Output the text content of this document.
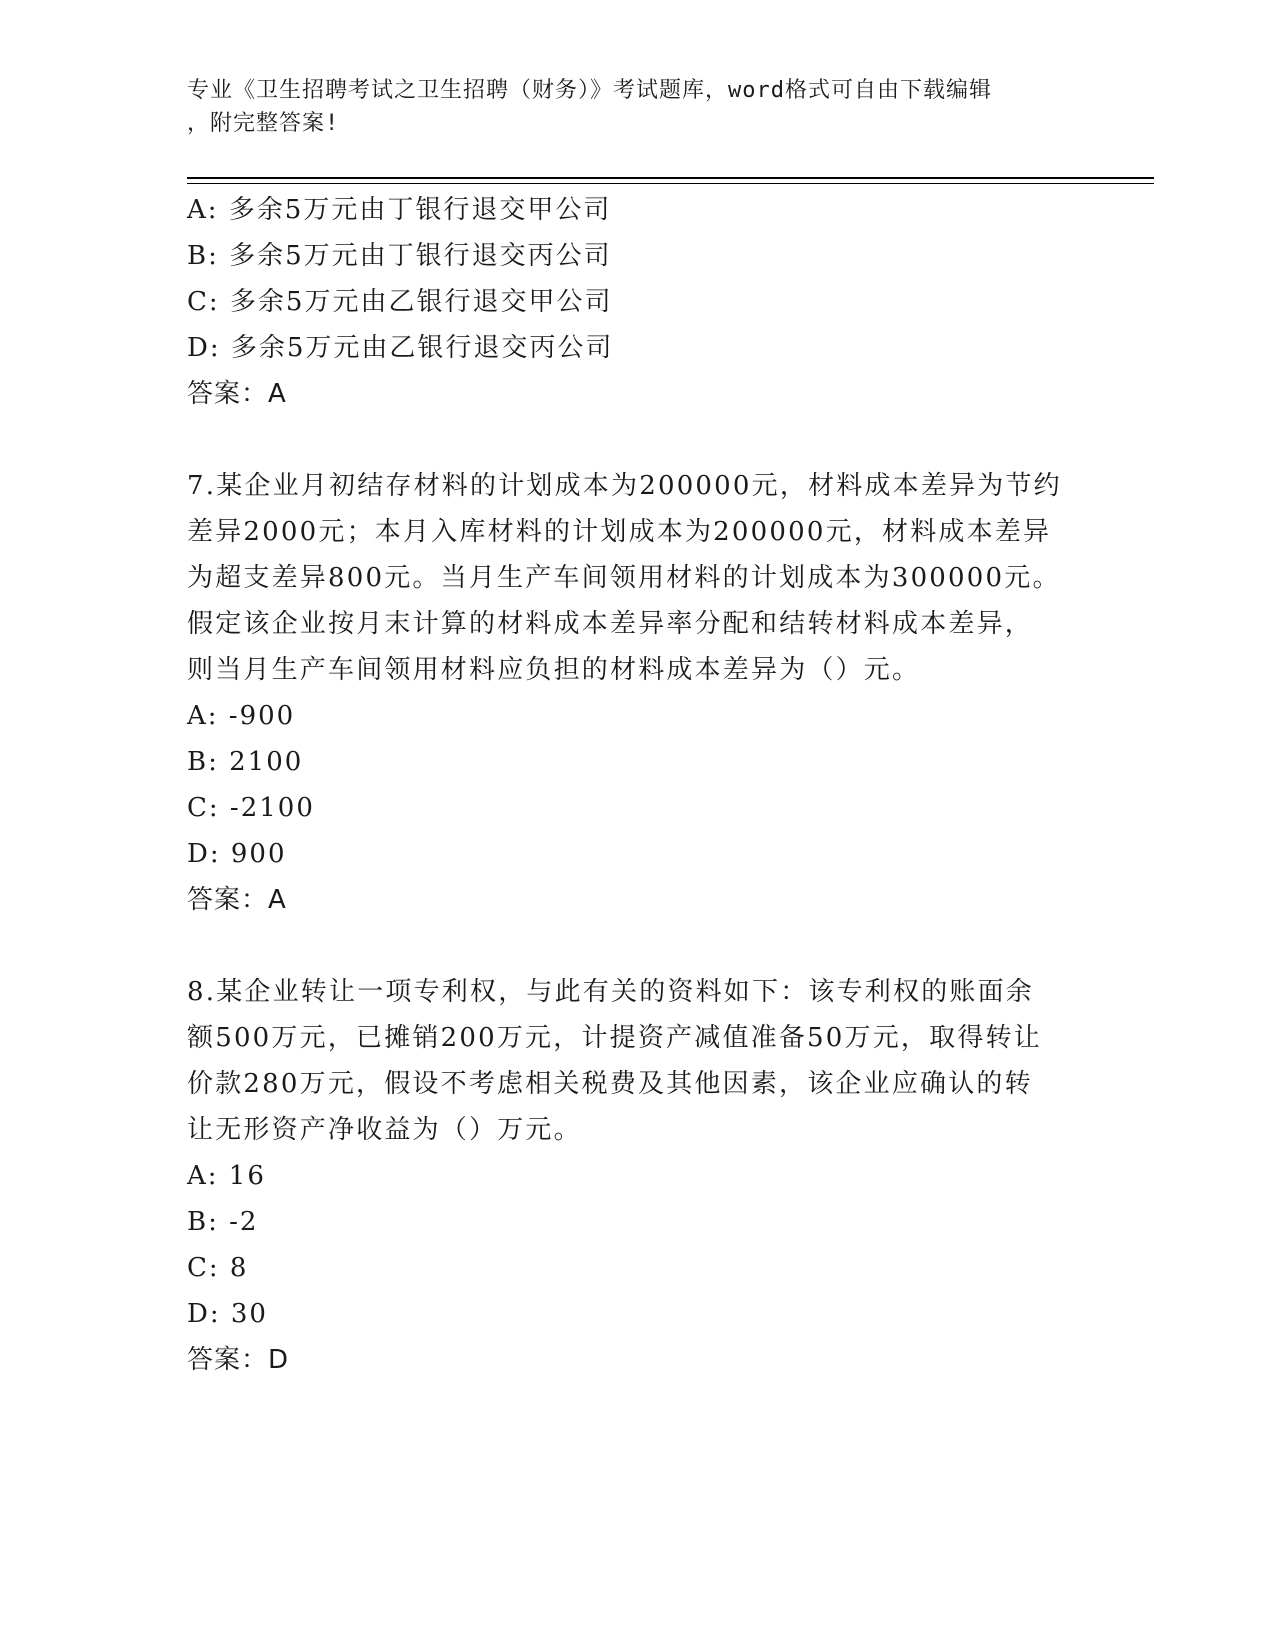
专业《卫生招聘考试之卫生招聘（财务）》考试题库，word格式可自由下载编辑
，附完整答案!
A: 多余5万元由丁银行退交甲公司
B: 多余5万元由丁银行退交丙公司
C: 多余5万元由乙银行退交甲公司
D: 多余5万元由乙银行退交丙公司
答案：A
7.某企业月初结存材料的计划成本为200000元，材料成本差异为节约
差异2000元；本月入库材料的计划成本为200000元，材料成本差异
为超支差异800元。当月生产车间领用材料的计划成本为300000元。
假定该企业按月末计算的材料成本差异率分配和结转材料成本差异，
则当月生产车间领用材料应负担的材料成本差异为（）元。
A: -900
B: 2100
C: -2100
D: 900
答案：A
8.某企业转让一项专利权，与此有关的资料如下：该专利权的账面余
额500万元，已摊销200万元，计提资产减值准备50万元，取得转让
价款280万元，假设不考虑相关税费及其他因素，该企业应确认的转
让无形资产净收益为（）万元。
A: 16
B: -2
C: 8
D: 30
答案：D
